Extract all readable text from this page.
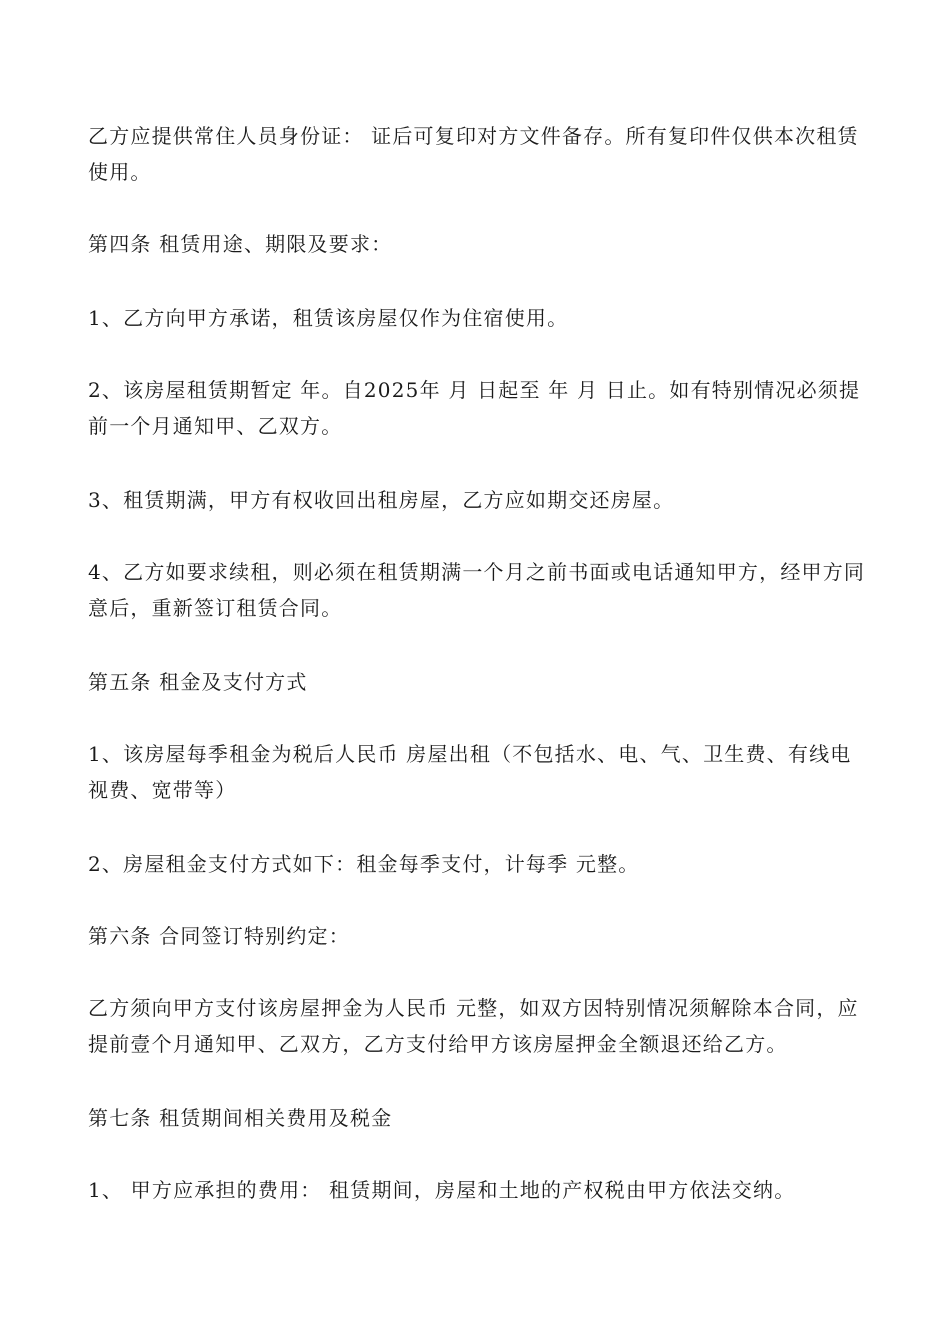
乙方应提供常住人员身份证： 证后可复印对方文件备存。所有复印件仅供本次租赁使用。

第四条 租赁用途、期限及要求：

1、乙方向甲方承诺，租赁该房屋仅作为住宿使用。

2、该房屋租赁期暂定 年。自2025年 月 日起至 年 月 日止。如有特别情况必须提前一个月通知甲、乙双方。

3、租赁期满，甲方有权收回出租房屋，乙方应如期交还房屋。

4、乙方如要求续租，则必须在租赁期满一个月之前书面或电话通知甲方，经甲方同意后，重新签订租赁合同。

第五条 租金及支付方式

1、该房屋每季租金为税后人民币 房屋出租（不包括水、电、气、卫生费、有线电视费、宽带等）

2、房屋租金支付方式如下：租金每季支付，计每季 元整。

第六条 合同签订特别约定：

乙方须向甲方支付该房屋押金为人民币 元整，如双方因特别情况须解除本合同，应提前壹个月通知甲、乙双方，乙方支付给甲方该房屋押金全额退还给乙方。

第七条 租赁期间相关费用及税金

1、 甲方应承担的费用： 租赁期间，房屋和土地的产权税由甲方依法交纳。
